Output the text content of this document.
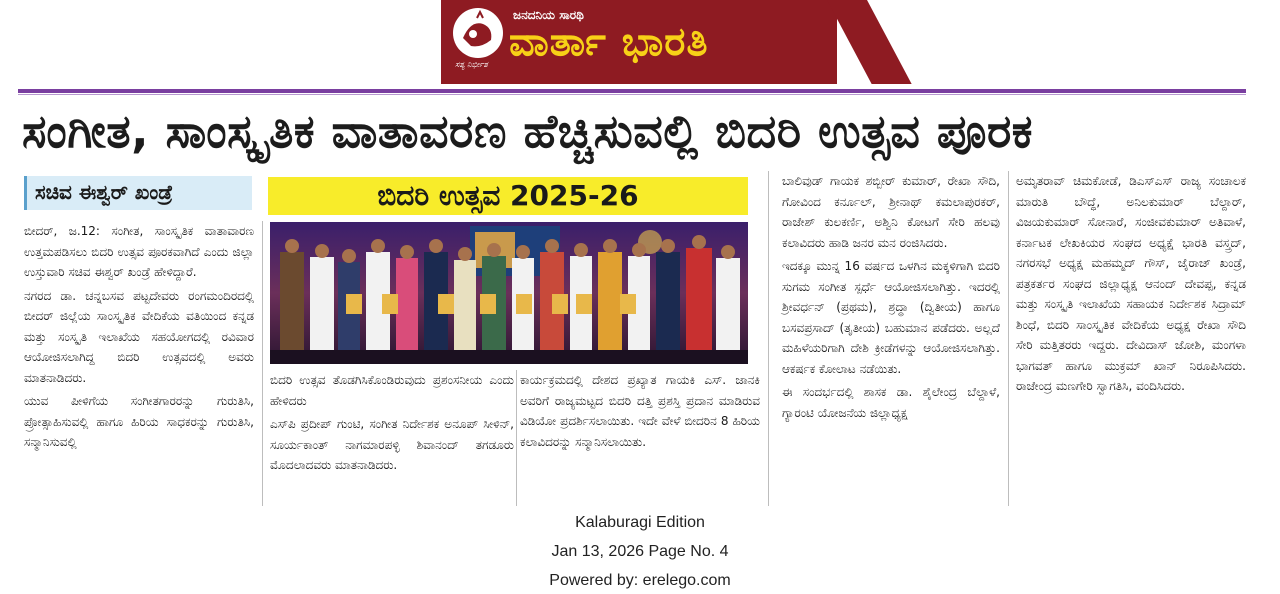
ಸತ್ಯ ನಿರ್ಭೀತ
ಜನದನಿಯ ಸಾರಥಿ
ವಾರ್ತಾ ಭಾರತಿ
ಸಂಗೀತ, ಸಾಂಸ್ಕೃತಿಕ ವಾತಾವರಣ ಹೆಚ್ಚಿಸುವಲ್ಲಿ ಬಿದರಿ ಉತ್ಸವ ಪೂರಕ
ಸಚಿವ ಈಶ್ವರ್ ಖಂಡ್ರೆ	ಬಿದರಿ ಉತ್ಸವ 2025-26

ಬೀದರ್, ಜ.12: ಸಂಗೀತ, ಸಾಂಸ್ಕೃತಿಕ ವಾತಾವಾರಣ ಉತ್ತಮಪಡಿಸಲು ಬಿದರಿ ಉತ್ಸವ ಪೂರಕವಾಗಿದೆ ಎಂದು ಜಿಲ್ಲಾ ಉಸ್ತುವಾರಿ ಸಚಿವ ಈಶ್ವರ್ ಖಂಡ್ರೆ ಹೇಳಿದ್ದಾರೆ.

ನಗರದ ಡಾ. ಚನ್ನಬಸವ ಪಟ್ಟದೇವರು ರಂಗಮಂದಿರದಲ್ಲಿ ಬೀದರ್ ಜಿಲ್ಲೆಯ ಸಾಂಸ್ಕೃತಿಕ ವೇದಿಕೆಯ ವತಿಯಿಂದ ಕನ್ನಡ ಮತ್ತು ಸಂಸ್ಕೃತಿ ಇಲಾಖೆಯ ಸಹಯೋಗದಲ್ಲಿ ರವಿವಾರ ಆಯೋಜಿಸಲಾಗಿದ್ದ ಬಿದರಿ ಉತ್ಸವದಲ್ಲಿ ಅವರು ಮಾತನಾಡಿದರು.

ಯುವ ಪೀಳಿಗೆಯ ಸಂಗೀತಗಾರರನ್ನು ಗುರುತಿಸಿ, ಪ್ರೋತ್ಸಾಹಿಸುವಲ್ಲಿ ಹಾಗೂ ಹಿರಿಯ ಸಾಧಕರನ್ನು ಗುರುತಿಸಿ, ಸನ್ಮಾನಿಸುವಲ್ಲಿ

ಬಿದರಿ ಉತ್ಸವ ತೊಡಗಿಸಿಕೊಂಡಿರುವುದು ಪ್ರಶಂಸನೀಯ ಎಂದು ಹೇಳಿದರು

ಎಸ್‌ಪಿ ಪ್ರದೀಪ್ ಗುಂಟಿ, ಸಂಗೀತ ನಿರ್ದೇಶಕ ಅನೂಪ್ ಸೀಳಿನ್, ಸೂರ್ಯಕಾಂತ್ ನಾಗಮಾರಪಳ್ಳಿ ಶಿವಾನಂದ್ ತಗಡೂರು ಮೊದಲಾದವರು ಮಾತನಾಡಿದರು.

ಕಾರ್ಯಕ್ರಮದಲ್ಲಿ ದೇಶದ ಪ್ರಖ್ಯಾತ ಗಾಯಕಿ ಎಸ್. ಜಾನಕಿ ಅವರಿಗೆ ರಾಜ್ಯಮಟ್ಟದ ಬಿದರಿ ದತ್ತಿ ಪ್ರಶಸ್ತಿ ಪ್ರದಾನ ಮಾಡಿರುವ ವಿಡಿಯೋ ಪ್ರದರ್ಶಿಸಲಾಯಿತು. ಇದೇ ವೇಳೆ ಬೀದರಿನ 8 ಹಿರಿಯ ಕಲಾವಿದರನ್ನು ಸನ್ಮಾನಿಸಲಾಯಿತು.

ಬಾಲಿವುಡ್ ಗಾಯಕ ಶಬ್ಬೀರ್ ಕುಮಾರ್, ರೇಖಾ ಸೌದಿ, ಗೋವಿಂದ ಕರ್ನೂಲ್, ಶ್ರೀನಾಥ್ ಕಮಲಾಪುರಕರ್, ರಾಜೇಶ್ ಕುಲಕರ್ಣಿ, ಅಶ್ವಿನಿ ಕೋಟಗೆ ಸೇರಿ ಹಲವು ಕಲಾವಿದರು ಹಾಡಿ ಜನರ ಮನ ರಂಜಿಸಿದರು.

ಇದಕ್ಕೂ ಮುನ್ನ 16 ವರ್ಷದ ಒಳಗಿನ ಮಕ್ಕಳಿಗಾಗಿ ಬಿದರಿ ಸುಗಮ ಸಂಗೀತ ಸ್ಪರ್ಧೆ ಆಯೋಜಿಸಲಾಗಿತ್ತು. ಇದರಲ್ಲಿ ಶ್ರೀವರ್ಧನ್ (ಪ್ರಥಮ), ಶ್ರದ್ಧಾ (ದ್ವಿತೀಯ) ಹಾಗೂ ಬಸವಪ್ರಸಾದ್ (ತೃತೀಯ) ಬಹುಮಾನ ಪಡೆದರು. ಅಲ್ಲದೆ ಮಹಿಳೆಯರಿಗಾಗಿ ದೇಶಿ ಕ್ರೀಡೆಗಳನ್ನು ಆಯೋಜಿಸಲಾಗಿತ್ತು. ಆಕರ್ಷಕ ಕೋಲಾಟ ನಡೆಯಿತು.

ಈ ಸಂದರ್ಭದಲ್ಲಿ ಶಾಸಕ ಡಾ. ಶೈಲೇಂದ್ರ ಬೆಲ್ದಾಳೆ, ಗ್ಯಾರಂಟಿ ಯೋಜನೆಯ ಜಿಲ್ಲಾಧ್ಯಕ್ಷ

ಅಮೃತರಾವ್ ಚಿಮಕೋಡೆ, ಡಿಎಸ್ಎಸ್ ರಾಜ್ಯ ಸಂಚಾಲಕ ಮಾರುತಿ ಬೌದ್ಧೆ, ಅನಿಲಕುಮಾರ್ ಬೆಲ್ದಾರ್, ವಿಜಯಕುಮಾರ್ ಸೋನಾರೆ, ಸಂಜೀವಕುಮಾರ್ ಅತಿವಾಳೆ, ಕರ್ನಾಟಕ ಲೇಖಕಿಯರ ಸಂಘದ ಅಧ್ಯಕ್ಷೆ ಭಾರತಿ ವಸ್ತ್ರದ್, ನಗರಸಭೆ ಅಧ್ಯಕ್ಷ ಮಹಮ್ಮದ್ ಗೌಸ್, ಜೈರಾಜ್ ಖಂಡ್ರೆ, ಪತ್ರಕರ್ತರ ಸಂಘದ ಜಿಲ್ಲಾಧ್ಯಕ್ಷ ಆನಂದ್ ದೇವಪ್ಪ, ಕನ್ನಡ ಮತ್ತು ಸಂಸ್ಕೃತಿ ಇಲಾಖೆಯ ಸಹಾಯಕ ನಿರ್ದೇಶಕ ಸಿದ್ರಾಮ್ ಶಿಂಧೆ, ಬಿದರಿ ಸಾಂಸ್ಕೃತಿಕ ವೇದಿಕೆಯ ಅಧ್ಯಕ್ಷ ರೇಖಾ ಸೌದಿ ಸೇರಿ ಮತ್ತಿತರರು ಇದ್ದರು. ದೇವಿದಾಸ್ ಜೋಶಿ, ಮಂಗಳಾ ಭಾಗವತ್ ಹಾಗೂ ಮುಕ್ರಮ್ ಖಾನ್ ನಿರೂಪಿಸಿದರು. ರಾಜೇಂದ್ರ ಮಣಗೇರಿ ಸ್ವಾಗತಿಸಿ, ವಂದಿಸಿದರು.

Kalaburagi Edition
Jan 13, 2026 Page No. 4
Powered by: erelego.com
